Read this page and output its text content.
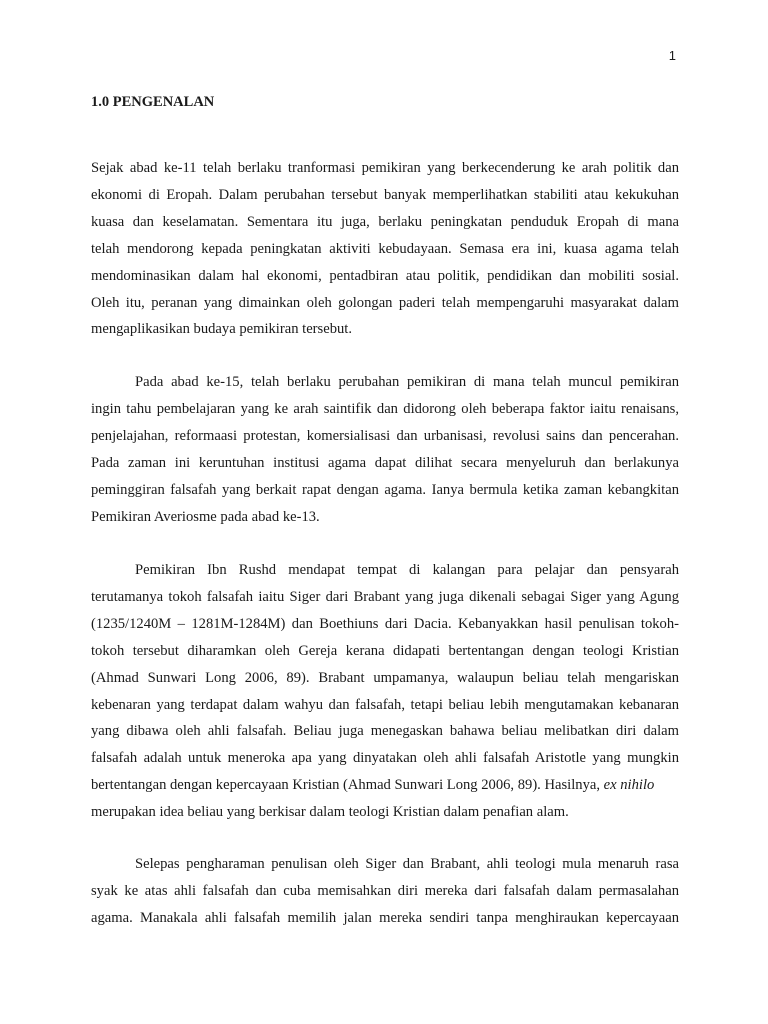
1
1.0 PENGENALAN

Sejak abad ke-11 telah berlaku tranformasi pemikiran yang berkecenderung ke arah politik dan
ekonomi di Eropah. Dalam perubahan tersebut banyak memperlihatkan stabiliti atau kekukuhan
kuasa dan keselamatan. Sementara itu juga, berlaku peningkatan penduduk Eropah di mana
telah mendorong kepada peningkatan aktiviti kebudayaan. Semasa era ini, kuasa agama telah
mendominasikan dalam hal ekonomi, pentadbiran atau politik, pendidikan dan mobiliti sosial.
Oleh itu, peranan yang dimainkan oleh golongan paderi telah mempengaruhi masyarakat dalam
mengaplikasikan budaya pemikiran tersebut.

Pada abad ke-15, telah berlaku perubahan pemikiran di mana telah muncul pemikiran
ingin tahu pembelajaran yang ke arah saintifik dan didorong oleh beberapa faktor iaitu renaisans,
penjelajahan, reformaasi protestan, komersialisasi dan urbanisasi, revolusi sains dan pencerahan.
Pada zaman ini keruntuhan institusi agama dapat dilihat secara menyeluruh dan berlakunya
peminggiran falsafah yang berkait rapat dengan agama. Ianya bermula ketika zaman kebangkitan
Pemikiran Averiosme pada abad ke-13.

Pemikiran Ibn Rushd mendapat tempat di kalangan para pelajar dan pensyarah
terutamanya tokoh falsafah iaitu Siger dari Brabant yang juga dikenali sebagai Siger yang Agung
(1235/1240M – 1281M-1284M) dan Boethiuns dari Dacia. Kebanyakkan hasil penulisan tokoh-
tokoh tersebut diharamkan oleh Gereja kerana didapati bertentangan dengan teologi Kristian
(Ahmad Sunwari Long 2006, 89). Brabant umpamanya, walaupun beliau telah mengariskan
kebenaran yang terdapat dalam wahyu dan falsafah, tetapi beliau lebih mengutamakan kebanaran
yang dibawa oleh ahli falsafah. Beliau juga menegaskan bahawa beliau melibatkan diri dalam
falsafah adalah untuk meneroka apa yang dinyatakan oleh ahli falsafah Aristotle yang mungkin
bertentangan dengan kepercayaan Kristian (Ahmad Sunwari Long 2006, 89). Hasilnya, ex nihilo
merupakan idea beliau yang berkisar dalam teologi Kristian dalam penafian alam.

Selepas pengharaman penulisan oleh Siger dan Brabant, ahli teologi mula menaruh rasa
syak ke atas ahli falsafah dan cuba memisahkan diri mereka dari falsafah dalam permasalahan
agama. Manakala ahli falsafah memilih jalan mereka sendiri tanpa menghiraukan kepercayaan
